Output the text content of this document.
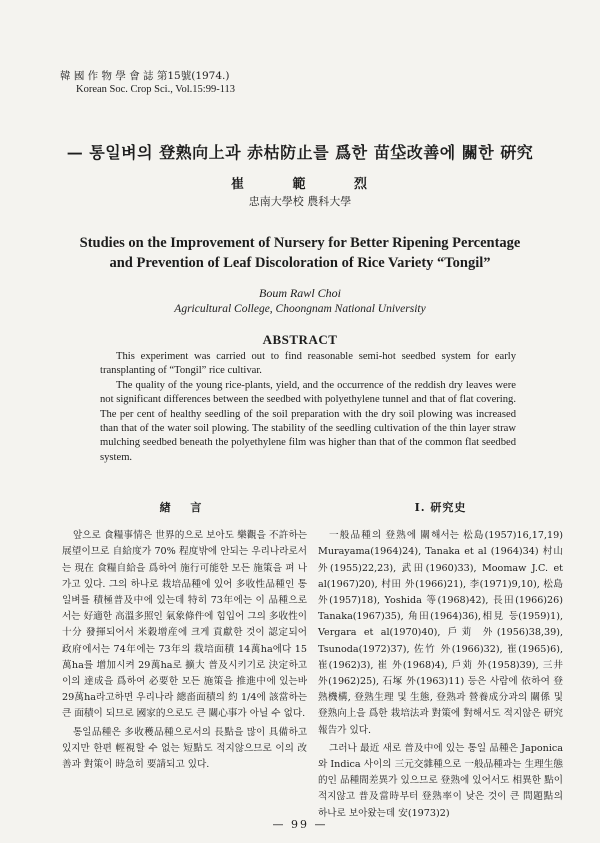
韓 國 作 物 學 會 誌 第15號(1974.)
Korean Soc. Crop Sci., Vol.15:99-113
— 통일벼의 登熟向上과 赤枯防止를 爲한 苗垈改善에 關한 硏究
崔 範 烈
忠南大學校 農科大學
Studies on the Improvement of Nursery for Better Ripening Percentage
and Prevention of Leaf Discoloration of Rice Variety “Tongil”
Boum Rawl Choi
Agricultural College, Choongnam National University
ABSTRACT

This experiment was carried out to find reasonable semi-hot seedbed system for early transplanting of “Tongil” rice cultivar.

The quality of the young rice-plants, yield, and the occurrence of the reddish dry leaves were not significant differences between the seedbed with polyethylene tunnel and that of flat covering. The per cent of healthy seedling of the soil preparation with the dry soil plowing was increased than that of the water soil plowing. The stability of the seedling cultivation of the thin layer straw mulching seedbed beneath the polyethylene film was higher than that of the common flat seedbed system.

緖 言

앞으로 食糧事情은 世界的으로 보아도 樂觀을 不許하는 展望이므로 自給度가 70% 程度밖에 안되는 우리나라로서는 現在 食糧自給을 爲하여 施行可能한 모든 施策을 펴 나가고 있다. 그의 하나로 栽培品種에 있어 多收性品種인 통일벼를 積極普及中에 있는데 特히 73年에는 이 品種으로서는 好適한 高溫多照인 氣象條件에 힘입어 그의 多收性이 十分 發揮되어서 米穀增産에 크게 貢獻한 것이 認定되어 政府에서는 74年에는 73年의 栽培面積 14萬ha에다 15萬ha를 增加시켜 29萬ha로 擴大 普及시키기로 決定하고 이의 達成을 爲하여 必要한 모든 施策을 推進中에 있는바 29萬ha라고하면 우리나라 總畓面積의 約 1/4에 該當하는 큰 面積이 되므로 國家的으로도 큰 關心事가 아닐 수 없다.

통일品種은 多收穫品種으로서의 長點을 많이 具備하고 있지만 한편 輕視할 수 없는 短點도 적지않으므로 이의 改善과 對策이 時急히 要請되고 있다.

Ⅰ. 研究史

一般品種의 登熟에 關해서는 松島(1957)16,17,19) Murayama(1964)24), Tanaka et al (1964)34) 村山 外(1955)22,23), 武田(1960)33), Moomaw J.C. et al(1967)20), 村田 外(1966)21), 李(1971)9,10), 松島 外(1957)18), Yoshida 等(1968)42), 長田(1966)26) Tanaka(1967)35), 角田(1964)36),相見 등(1959)1), Vergara et al(1970)40), 戶苅 外(1956)38,39), Tsunoda(1972)37), 佐竹 外(1966)32), 崔(1965)6), 崔(1962)3), 崔 外(1968)4), 戶苅 外(1958)39), 三井 外(1962)25), 石塚 外(1963)11) 등은 사람에 依하여 登熟機構, 登熟生理 및 生態, 登熟과 營養成分과의 關係 및 登熟向上을 爲한 栽培法과 對策에 對해서도 적지않은 研究報告가 있다.

그러나 最近 새로 普及中에 있는 통일 品種은 Japonica와 Indica 사이의 三元交雜種으로 一般品種과는 生理生態的인 品種間差異가 있으므로 登熟에 있어서도 相異한 點이 적지않고 普及當時부터 登熟率이 낮은 것이 큰 問題點의 하나로 보아왔는데 安(1973)2)

— 99 —
